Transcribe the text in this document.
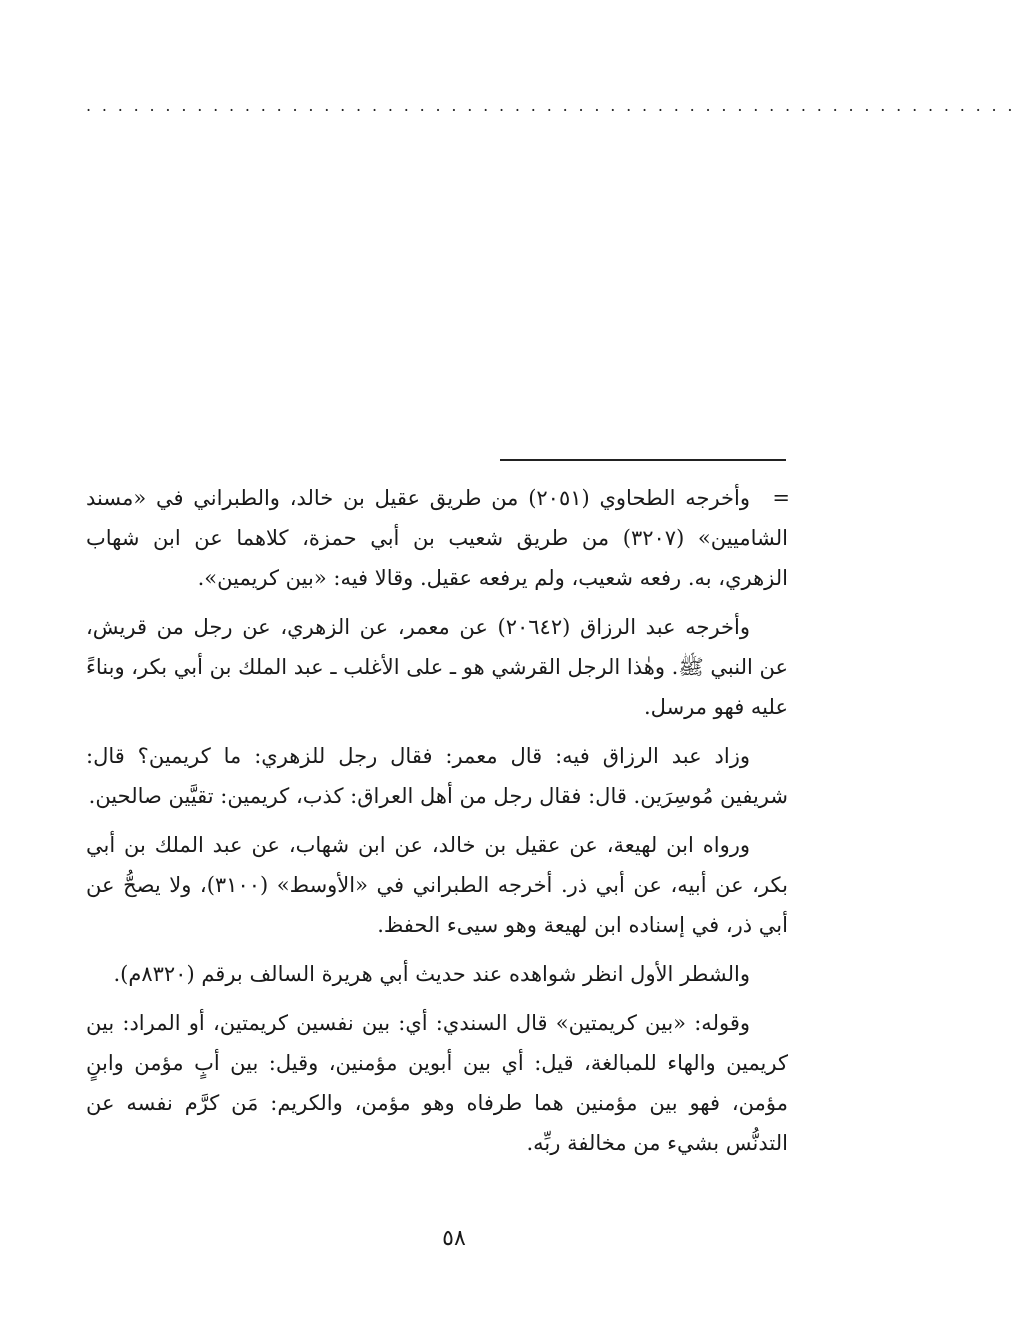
...........................................................
=

وأخرجه الطحاوي (٢٠٥١) من طريق عقيل بن خالد، والطبراني في «مسند الشاميين» (٣٢٠٧) من طريق شعيب بن أبي حمزة، كلاهما عن ابن شهاب الزهري، به. رفعه شعيب، ولم يرفعه عقيل. وقالا فيه: «بين كريمين».

وأخرجه عبد الرزاق (٢٠٦٤٢) عن معمر، عن الزهري، عن رجل من قريش، عن النبي ﷺ. وهٰذا الرجل القرشي هو ـ على الأغلب ـ عبد الملك بن أبي بكر، وبناءً عليه فهو مرسل.

وزاد عبد الرزاق فيه: قال معمر: فقال رجل للزهري: ما كريمين؟ قال: شريفين مُوسِرَين. قال: فقال رجل من أهل العراق: كذب، كريمين: تقيَّين صالحين.

ورواه ابن لهيعة، عن عقيل بن خالد، عن ابن شهاب، عن عبد الملك بن أبي بكر، عن أبيه، عن أبي ذر. أخرجه الطبراني في «الأوسط» (٣١٠٠)، ولا يصحُّ عن أبي ذر، في إسناده ابن لهيعة وهو سيىء الحفظ.

والشطر الأول انظر شواهده عند حديث أبي هريرة السالف برقم (٨٣٢٠م).

وقوله: «بين كريمتين» قال السندي: أي: بين نفسين كريمتين، أو المراد: بين كريمين والهاء للمبالغة، قيل: أي بين أبوين مؤمنين، وقيل: بين أبٍ مؤمن وابنٍ مؤمن، فهو بين مؤمنين هما طرفاه وهو مؤمن، والكريم: مَن كرَّم نفسه عن التدنُّس بشيء من مخالفة ربِّه.

٥٨
